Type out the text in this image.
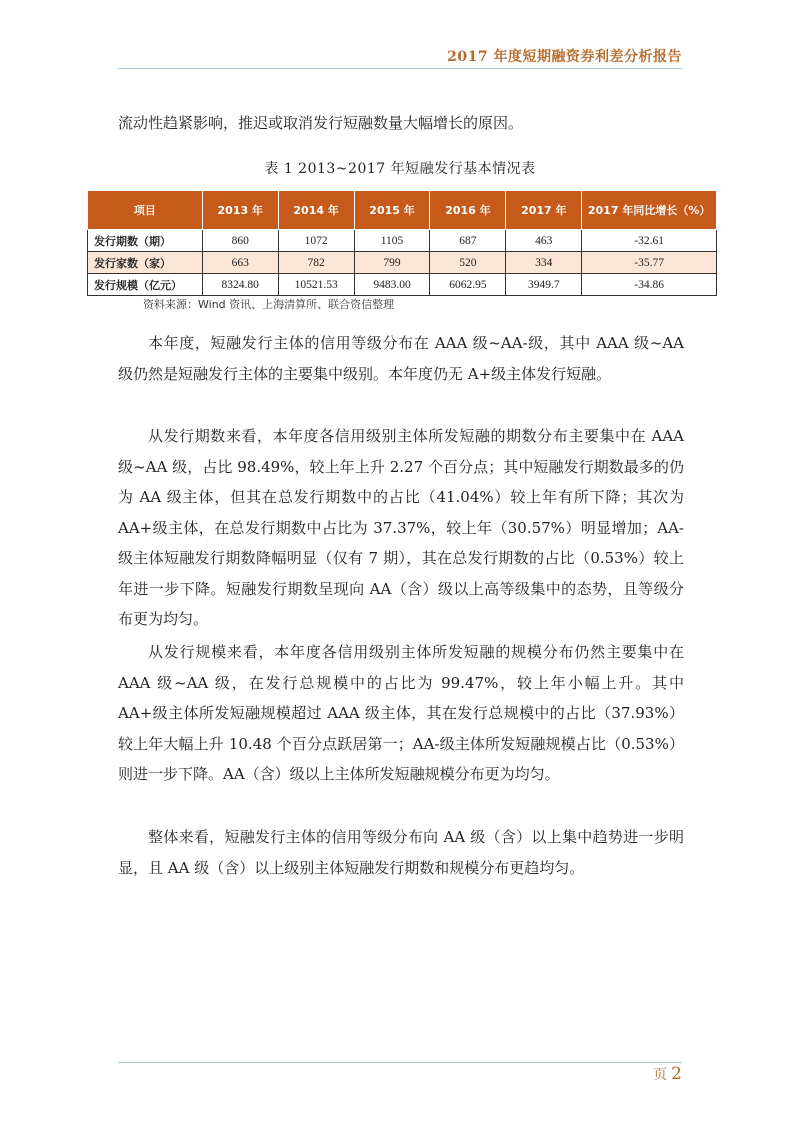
2017 年度短期融资券利差分析报告

流动性趋紧影响，推迟或取消发行短融数量大幅增长的原因。

表 1 2013~2017 年短融发行基本情况表
项目	2013 年	2014 年	2015 年	2016 年	2017 年	2017 年同比增长（%）
发行期数（期）	860	1072	1105	687	463	-32.61
发行家数（家）	663	782	799	520	334	-35.77
发行规模（亿元）	8324.80	10521.53	9483.00	6062.95	3949.7	-34.86
资料来源：Wind 资讯、上海清算所、联合资信整理

本年度，短融发行主体的信用等级分布在 AAA 级~AA-级，其中 AAA 级~AA 级仍然是短融发行主体的主要集中级别。本年度仍无 A+级主体发行短融。

从发行期数来看，本年度各信用级别主体所发短融的期数分布主要集中在 AAA 级~AA 级，占比 98.49%，较上年上升 2.27 个百分点；其中短融发行期数最多的仍为 AA 级主体，但其在总发行期数中的占比（41.04%）较上年有所下降；其次为 AA+级主体，在总发行期数中占比为 37.37%，较上年（30.57%）明显增加；AA-级主体短融发行期数降幅明显（仅有 7 期），其在总发行期数的占比（0.53%）较上年进一步下降。短融发行期数呈现向 AA（含）级以上高等级集中的态势，且等级分布更为均匀。

从发行规模来看，本年度各信用级别主体所发短融的规模分布仍然主要集中在 AAA 级~AA 级，在发行总规模中的占比为 99.47%，较上年小幅上升。其中 AA+级主体所发短融规模超过 AAA 级主体，其在发行总规模中的占比（37.93%）较上年大幅上升 10.48 个百分点跃居第一；AA-级主体所发短融规模占比（0.53%）则进一步下降。AA（含）级以上主体所发短融规模分布更为均匀。

整体来看，短融发行主体的信用等级分布向 AA 级（含）以上集中趋势进一步明显，且 AA 级（含）以上级别主体短融发行期数和规模分布更趋均匀。

页 2
